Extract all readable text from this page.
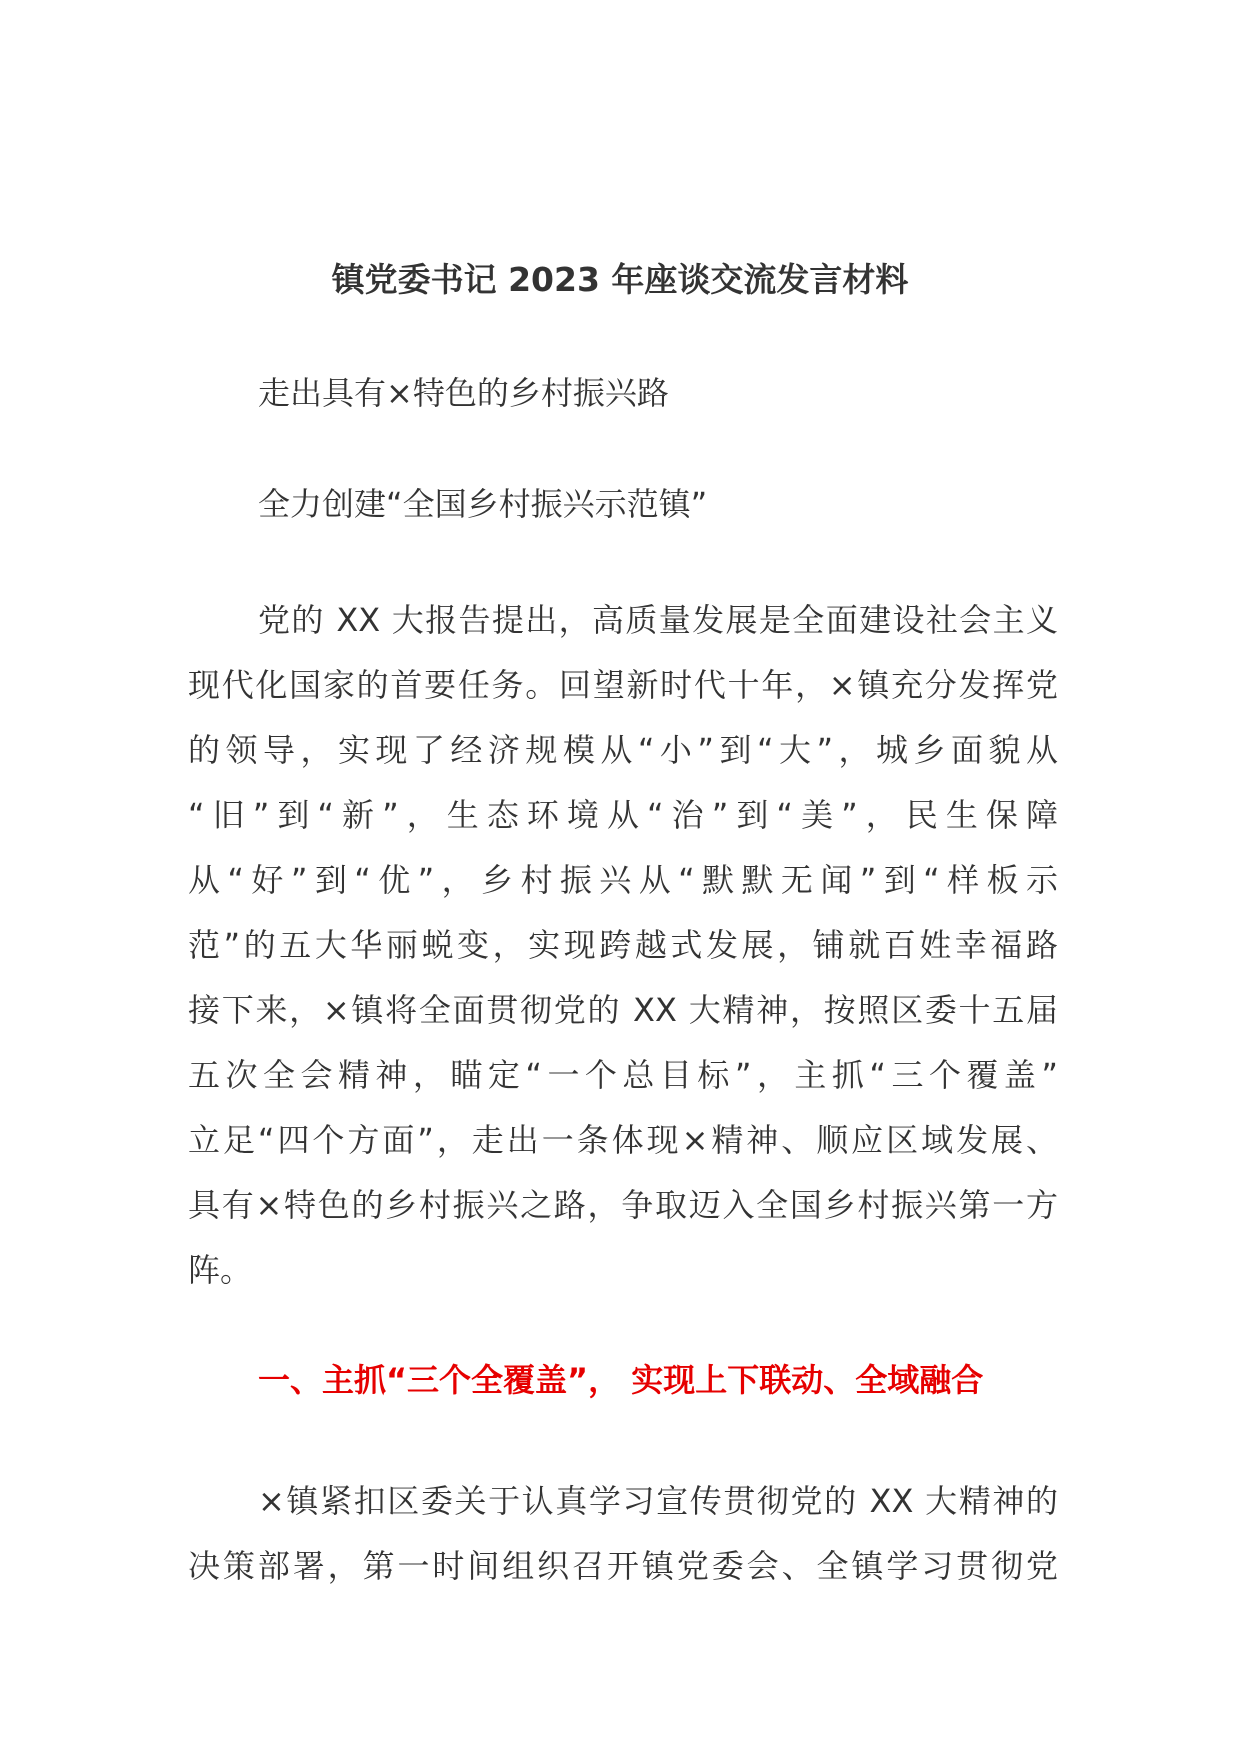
镇党委书记 2023 年座谈交流发言材料
走出具有×特色的乡村振兴路
全力创建“全国乡村振兴示范镇”
党的 XX 大报告提出，高质量发展是全面建设社会主义
现代化国家的首要任务。回望新时代十年，×镇充分发挥党
的领导，实现了经济规模从“小”到“大”，城乡面貌从
“旧”到“新”，生态环境从“治”到“美”，民生保障
从“好”到“优”，乡村振兴从“默默无闻”到“样板示
范”的五大华丽蜕变，实现跨越式发展，铺就百姓幸福路
接下来，×镇将全面贯彻党的 XX 大精神，按照区委十五届
五次全会精神，瞄定“一个总目标”，主抓“三个覆盖”
立足“四个方面”，走出一条体现×精神、顺应区域发展、
具有×特色的乡村振兴之路，争取迈入全国乡村振兴第一方
阵。
一、主抓“三个全覆盖”， 实现上下联动、全域融合
×镇紧扣区委关于认真学习宣传贯彻党的 XX 大精神的
决策部署，第一时间组织召开镇党委会、全镇学习贯彻党
